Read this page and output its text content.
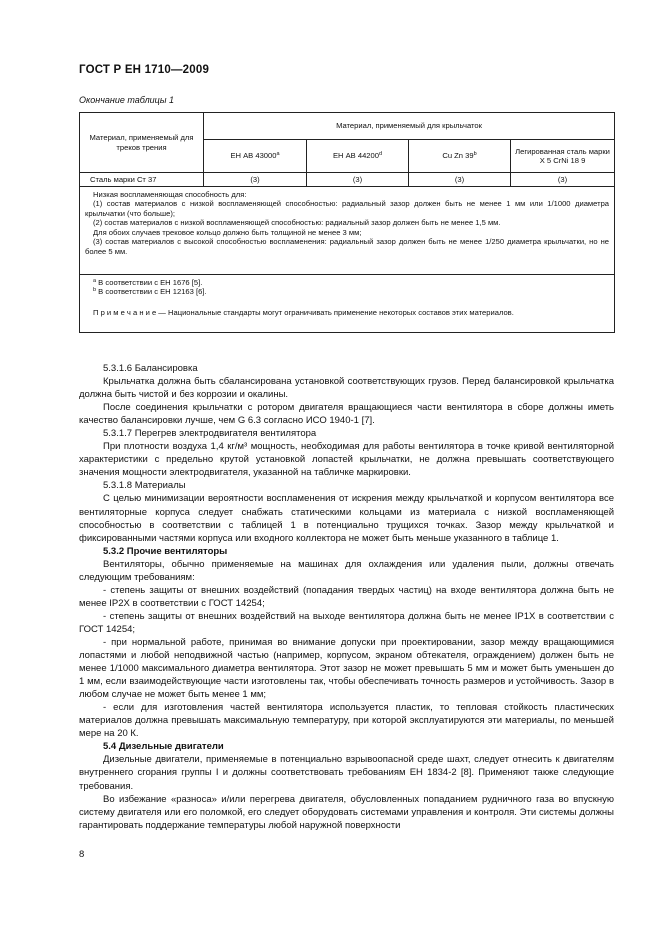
ГОСТ Р ЕН 1710—2009
Окончание таблицы 1
Материал, применяемый для треков трения	Материал, применяемый для крыльчаток			
	ЕН АВ 43000$^a$	ЕН АВ 44200$^d$	Cu Zn 39$^b$	Легированная сталь марки Х 5 CrNi 18 9
Сталь марки Ст 37	(3)	(3)	(3)	(3)

Низкая воспламеняющая способность для:

(1) состав материалов с низкой воспламеняющей способностью: радиальный зазор должен быть не менее 1 мм или 1/1000 диаметра крыльчатки (что больше);

(2) состав материалов с низкой воспламеняющей способностью: радиальный зазор должен быть не менее 1,5 мм.

Для обоих случаев трековое кольцо должно быть толщиной не менее 3 мм;

(3) состав материалов с высокой способностью воспламенения: радиальный зазор должен быть не менее 1/250 диаметра крыльчатки, но не более 5 мм.				

$^a$ В соответствии с ЕН 1676 [5].

$^b$ В соответствии с ЕН 12163 [6].

П р и м е ч а н и е — Национальные стандарты могут ограничивать применение некоторых составов этих материалов.				

5.3.1.6 Балансировка

Крыльчатка должна быть сбалансирована установкой соответствующих грузов. Перед балансировкой крыльчатка должна быть чистой и без коррозии и окалины.

После соединения крыльчатки с ротором двигателя вращающиеся части вентилятора в сборе должны иметь качество балансировки лучше, чем G 6.3 согласно ИСО 1940-1 [7].

5.3.1.7 Перегрев электродвигателя вентилятора

При плотности воздуха 1,4 кг/м³ мощность, необходимая для работы вентилятора в точке кривой вентиляторной характеристики с предельно крутой установкой лопастей крыльчатки, не должна превышать соответствующего значения мощности электродвигателя, указанной на табличке маркировки.

5.3.1.8 Материалы

С целью минимизации вероятности воспламенения от искрения между крыльчаткой и корпусом вентилятора все вентиляторные корпуса следует снабжать статическими кольцами из материала с низкой воспламеняющей способностью в соответствии с таблицей 1 в потенциально трущихся точках. Зазор между крыльчаткой и фиксированными частями корпуса или входного коллектора не может быть меньше указанного в таблице 1.

5.3.2 Прочие вентиляторы

Вентиляторы, обычно применяемые на машинах для охлаждения или удаления пыли, должны отвечать следующим требованиям:

- степень защиты от внешних воздействий (попадания твердых частиц) на входе вентилятора должна быть не менее IP2X в соответствии с ГОСТ 14254;

- степень защиты от внешних воздействий на выходе вентилятора должна быть не менее IP1X в соответствии с ГОСТ 14254;

- при нормальной работе, принимая во внимание допуски при проектировании, зазор между вращающимися лопастями и любой неподвижной частью (например, корпусом, экраном обтекателя, ограждением) должен быть не менее 1/1000 максимального диаметра вентилятора. Этот зазор не может превышать 5 мм и может быть уменьшен до 1 мм, если взаимодействующие части изготовлены так, чтобы обеспечивать точность размеров и устойчивость. Зазор в любом случае не может быть менее 1 мм;

- если для изготовления частей вентилятора используется пластик, то тепловая стойкость пластических материалов должна превышать максимальную температуру, при которой эксплуатируются эти материалы, по меньшей мере на 20 К.

5.4 Дизельные двигатели

Дизельные двигатели, применяемые в потенциально взрывоопасной среде шахт, следует отнесить к двигателям внутреннего сгорания группы I и должны соответствовать требованиям ЕН 1834-2 [8]. Применяют также следующие требования.

Во избежание «разноса» и/или перегрева двигателя, обусловленных попаданием рудничного газа во впускную систему двигателя или его поломкой, его следует оборудовать системами управления и контроля. Эти системы должны гарантировать поддержание температуры любой наружной поверхности

8
